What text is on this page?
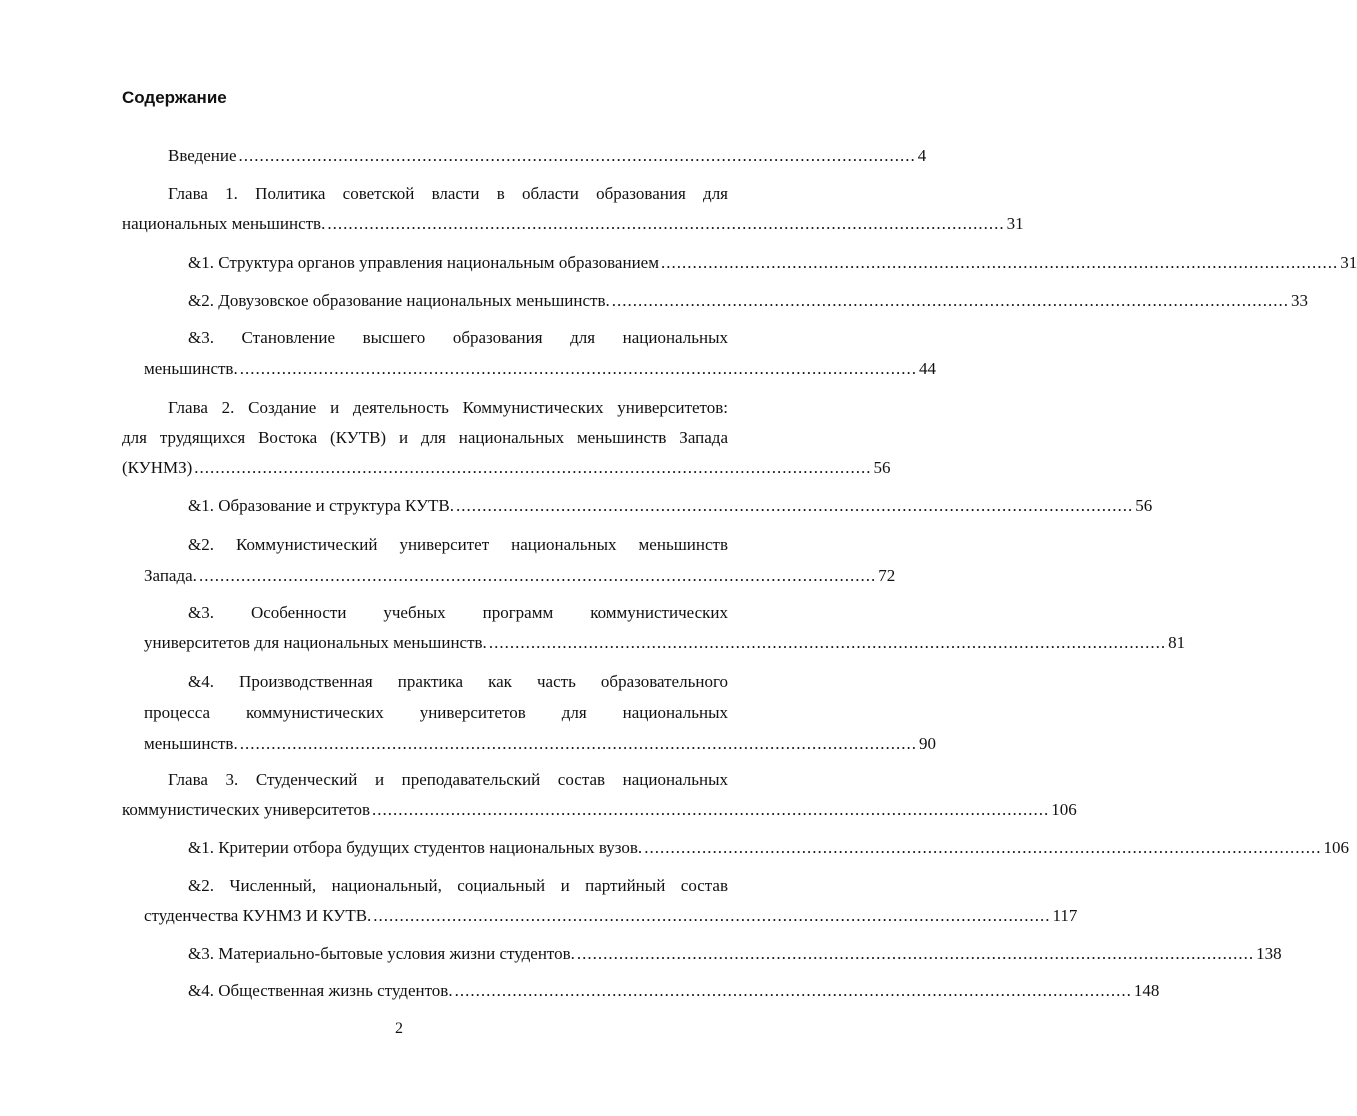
Содержание
Введение ................................................................................................................................. 4
Глава 1. Политика советской власти в области образования для
национальных меньшинств. ................................................................................................................................. 31
&1. Структура органов управления национальным образованием ................................................................................................................................. 31
&2. Довузовское образование национальных меньшинств. ................................................................................................................................. 33
&3. Становление высшего образования для национальных
меньшинств. ................................................................................................................................. 44
Глава 2. Создание и деятельность Коммунистических университетов:
для трудящихся Востока (КУТВ) и для национальных меньшинств Запада
(КУНМЗ) ................................................................................................................................. 56
&1. Образование и структура КУТВ. ................................................................................................................................. 56
&2. Коммунистический университет национальных меньшинств
Запада. ................................................................................................................................. 72
&3. Особенности учебных программ коммунистических
университетов для национальных меньшинств. ................................................................................................................................. 81
&4. Производственная практика как часть образовательного
процесса коммунистических университетов для национальных
меньшинств. ................................................................................................................................. 90
Глава 3. Студенческий и преподавательский состав национальных
коммунистических университетов ................................................................................................................................. 106
&1. Критерии отбора будущих студентов национальных вузов. ................................................................................................................................. 106
&2. Численный, национальный, социальный и партийный состав
студенчества КУНМЗ И КУТВ. ................................................................................................................................. 117
&3. Материально-бытовые условия жизни студентов. ................................................................................................................................. 138
&4. Общественная жизнь студентов. ................................................................................................................................. 148
2
